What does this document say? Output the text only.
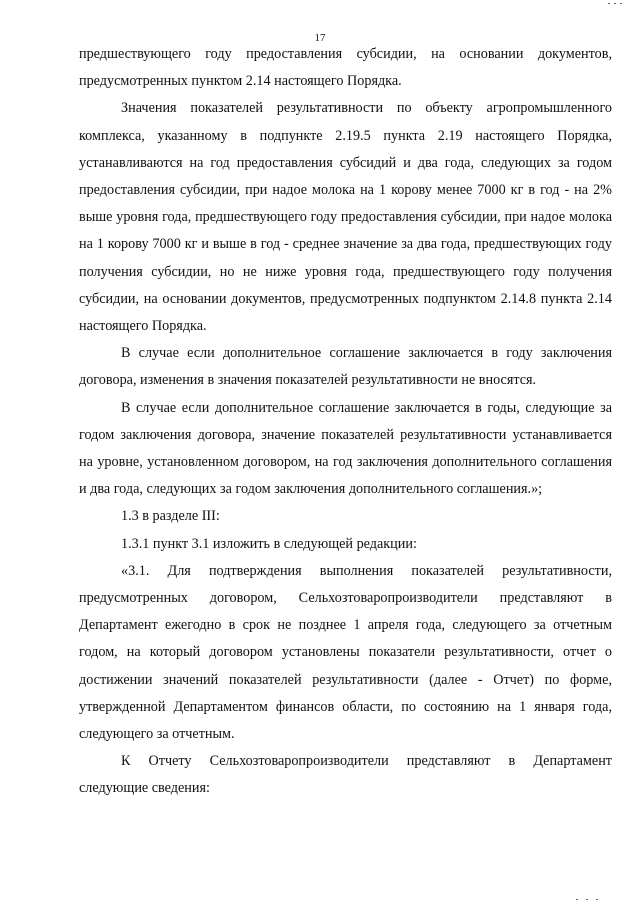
17

предшествующего году предоставления субсидии, на основании документов, предусмотренных пунктом 2.14 настоящего Порядка.

Значения показателей результативности по объекту агропромышленного комплекса, указанному в подпункте 2.19.5 пункта 2.19 настоящего Порядка, устанавливаются на год предоставления субсидий и два года, следующих за годом предоставления субсидии, при надое молока на 1 корову менее 7000 кг в год - на 2% выше уровня года, предшествующего году предоставления субсидии, при надое молока на 1 корову 7000 кг и выше в год - среднее значение за два года, предшествующих году получения субсидии, но не ниже уровня года, предшествующего году получения субсидии, на основании документов, предусмотренных подпунктом 2.14.8 пункта 2.14 настоящего Порядка.

В случае если дополнительное соглашение заключается в году заключения договора, изменения в значения показателей результативности не вносятся.

В случае если дополнительное соглашение заключается в годы, следующие за годом заключения договора, значение показателей результативности устанавливается на уровне, установленном договором, на год заключения дополнительного соглашения и два года, следующих за годом заключения дополнительного соглашения.»;

1.3 в разделе III:

1.3.1 пункт 3.1 изложить в следующей редакции:

«3.1. Для подтверждения выполнения показателей результативности, предусмотренных договором, Сельхозтоваропроизводители представляют в Департамент ежегодно в срок не позднее 1 апреля года, следующего за отчетным годом, на который договором установлены показатели результативности, отчет о достижении значений показателей результативности (далее - Отчет) по форме, утвержденной Департаментом финансов области, по состоянию на 1 января года, следующего за отчетным.

К Отчету Сельхозтоваропроизводители представляют в Департамент следующие сведения:
